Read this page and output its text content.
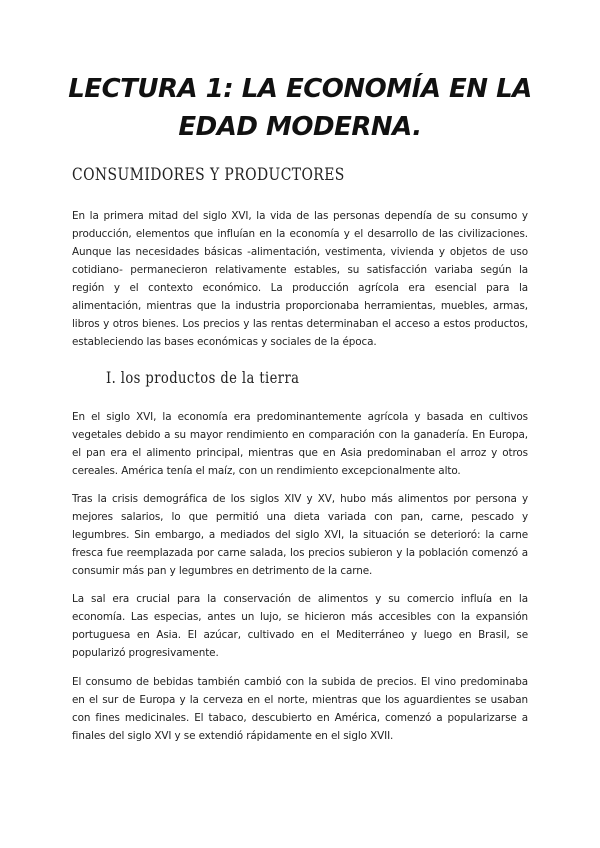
LECTURA 1: LA ECONOMÍA EN LA EDAD MODERNA.
CONSUMIDORES Y PRODUCTORES

En la primera mitad del siglo XVI, la vida de las personas dependía de su consumo y producción, elementos que influían en la economía y el desarrollo de las civilizaciones. Aunque las necesidades básicas -alimentación, vestimenta, vivienda y objetos de uso cotidiano- permanecieron relativamente estables, su satisfacción variaba según la región y el contexto económico. La producción agrícola era esencial para la alimentación, mientras que la industria proporcionaba herramientas, muebles, armas, libros y otros bienes. Los precios y las rentas determinaban el acceso a estos productos, estableciendo las bases económicas y sociales de la época.

I. los productos de la tierra

En el siglo XVI, la economía era predominantemente agrícola y basada en cultivos vegetales debido a su mayor rendimiento en comparación con la ganadería. En Europa, el pan era el alimento principal, mientras que en Asia predominaban el arroz y otros cereales. América tenía el maíz, con un rendimiento excepcionalmente alto.

Tras la crisis demográfica de los siglos XIV y XV, hubo más alimentos por persona y mejores salarios, lo que permitió una dieta variada con pan, carne, pescado y legumbres. Sin embargo, a mediados del siglo XVI, la situación se deterioró: la carne fresca fue reemplazada por carne salada, los precios subieron y la población comenzó a consumir más pan y legumbres en detrimento de la carne.

La sal era crucial para la conservación de alimentos y su comercio influía en la economía. Las especias, antes un lujo, se hicieron más accesibles con la expansión portuguesa en Asia. El azúcar, cultivado en el Mediterráneo y luego en Brasil, se popularizó progresivamente.

El consumo de bebidas también cambió con la subida de precios. El vino predominaba en el sur de Europa y la cerveza en el norte, mientras que los aguardientes se usaban con fines medicinales. El tabaco, descubierto en América, comenzó a popularizarse a finales del siglo XVI y se extendió rápidamente en el siglo XVII.
